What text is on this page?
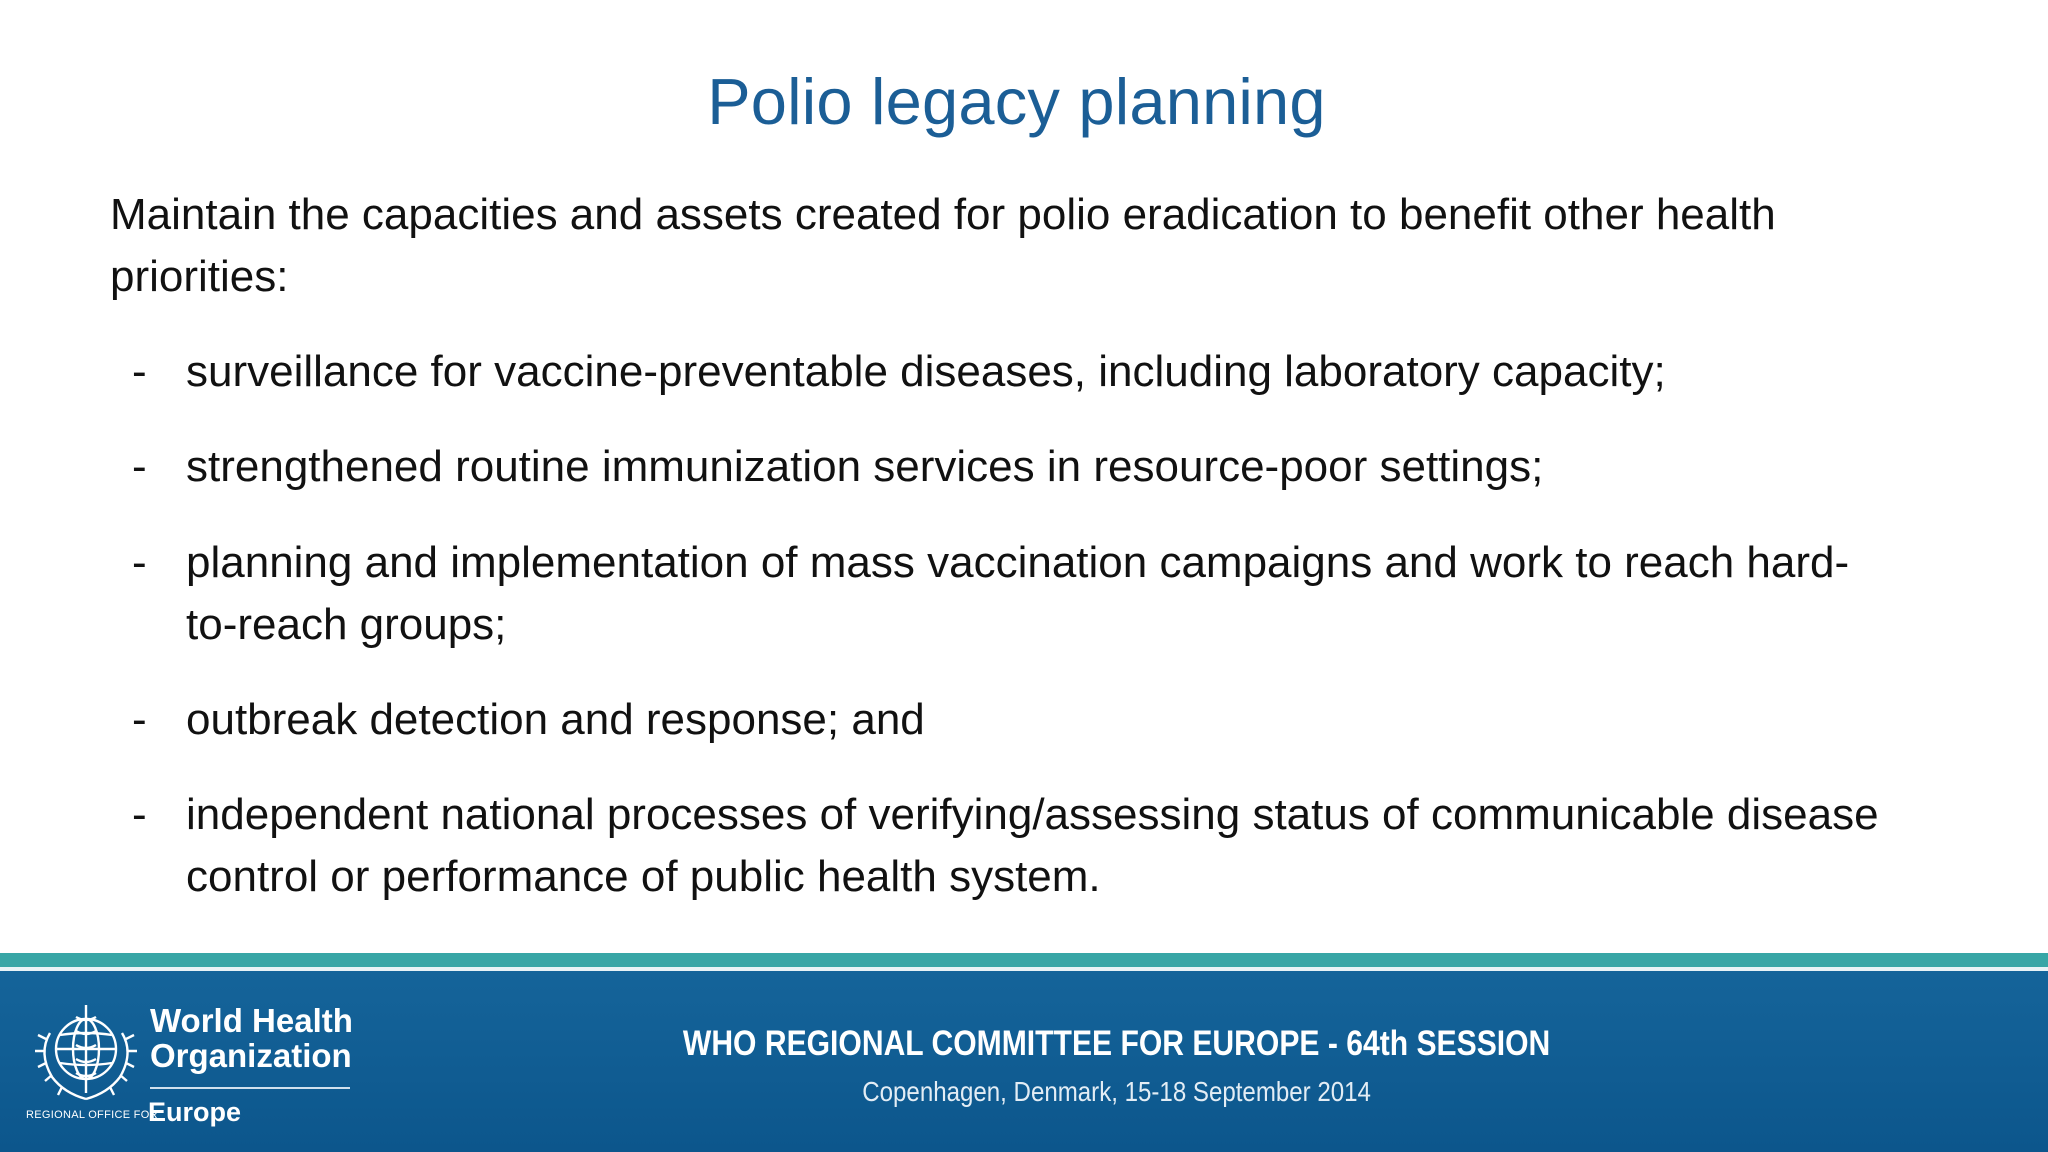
Polio legacy planning
Maintain the capacities and assets created for polio eradication to benefit other health priorities:
- surveillance for vaccine-preventable diseases, including laboratory capacity;
- strengthened routine immunization services in resource-poor settings;
- planning and implementation of mass vaccination campaigns and work to reach hard-to-reach groups;
- outbreak detection and response; and
- independent national processes of verifying/assessing status of communicable disease control or performance of public health system.
World Health
Organization
REGIONAL OFFICE FOR
Europe
WHO REGIONAL COMMITTEE FOR EUROPE - 64th SESSION
Copenhagen, Denmark, 15-18 September 2014
